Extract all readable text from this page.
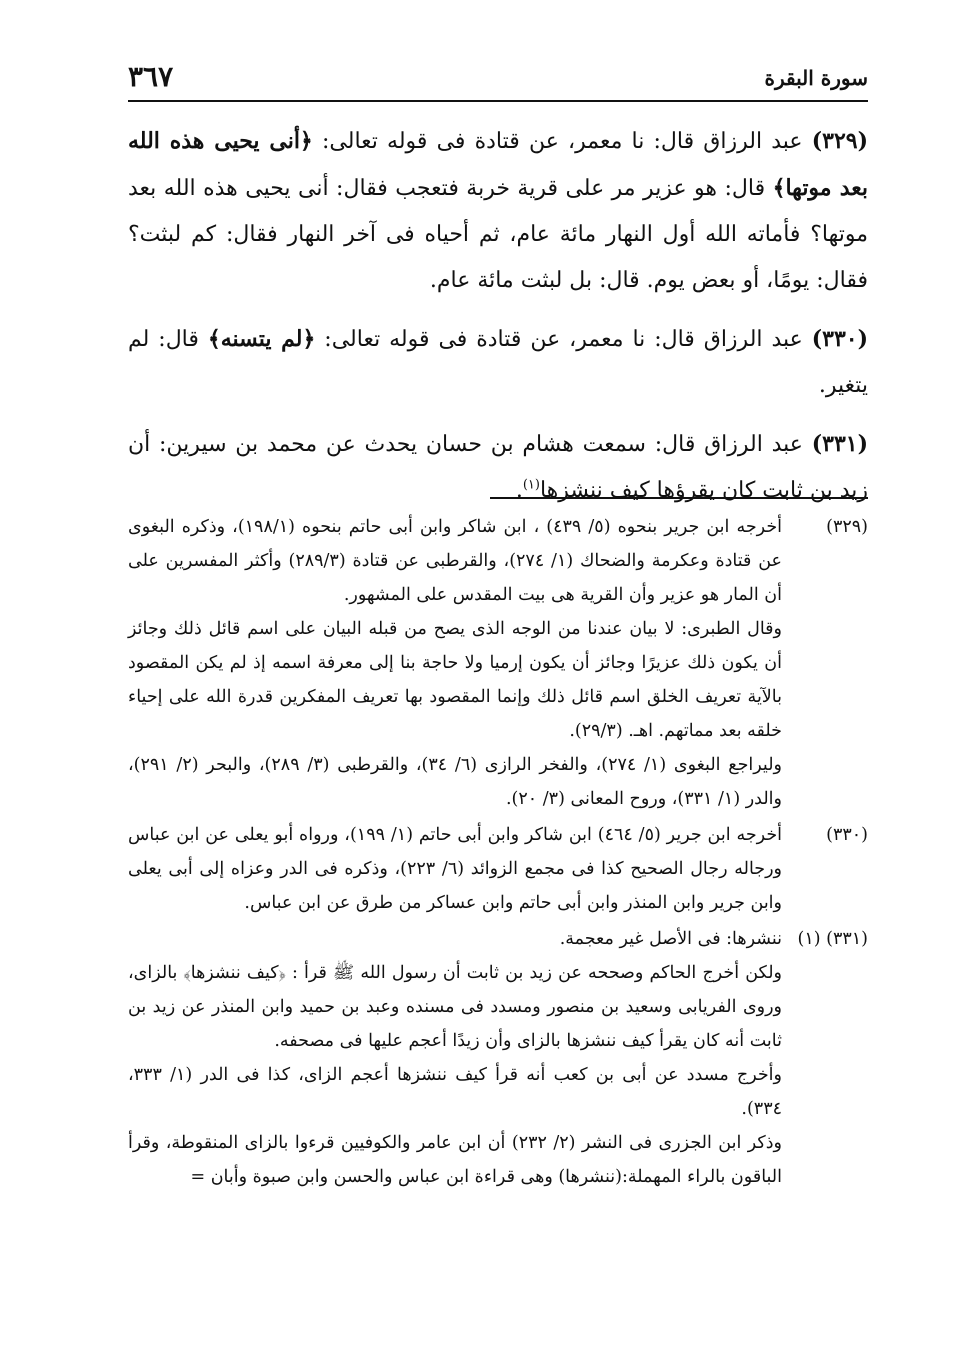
٣٦٧	سورة البقرة

(٣٢٩) عبد الرزاق قال: نا معمر، عن قتادة فى قوله تعالى: ﴿أنى يحيى هذه الله بعد موتها﴾ قال: هو عزير مر على قرية خربة فتعجب فقال: أنى يحيى هذه الله بعد موتها؟ فأماته الله أول النهار مائة عام، ثم أحياه فى آخر النهار فقال: كم لبثت؟ فقال: يومًا، أو بعض يوم. قال: بل لبثت مائة عام.

(٣٣٠) عبد الرزاق قال: نا معمر، عن قتادة فى قوله تعالى: ﴿لم يتسنه﴾ قال: لم يتغير.

(٣٣١) عبد الرزاق قال: سمعت هشام بن حسان يحدث عن محمد بن سيرين: أن زيد بن ثابت كان يقرؤها كيف ننشزها$^{(١)}$.

(٣٢٩)

أخرجه ابن جرير بنحوه (٥/ ٤٣٩) ، ابن شاكر وابن أبى حاتم بنحوه (١٩٨/١)، وذكره البغوى عن قتادة وعكرمة والضحاك (١/ ٢٧٤)، والقرطبى عن قتادة (٢٨٩/٣) وأكثر المفسرين على أن المار هو عزير وأن القرية هى بيت المقدس على المشهور.

وقال الطبرى: لا بيان عندنا من الوجه الذى يصح من قبله البيان على اسم قائل ذلك وجائز أن يكون ذلك عزيرًا وجائز أن يكون إرميا ولا حاجة بنا إلى معرفة اسمه إذ لم يكن المقصود بالآية تعريف الخلق اسم قائل ذلك وإنما المقصود بها تعريف المفكرين قدرة الله على إحياء خلقه بعد مماتهم. اهـ. (٢٩/٣).

وليراجع البغوى (١/ ٢٧٤)، والفخر الرازى (٦/ ٣٤)، والقرطبى (٣/ ٢٨٩)، والبحر (٢/ ٢٩١)، والدر (١/ ٣٣١)، وروح المعانى (٣/ ٢٠).

(٣٣٠)

أخرجه ابن جرير (٥/ ٤٦٤) ابن شاكر وابن أبى حاتم (١/ ١٩٩)، ورواه أبو يعلى عن ابن عباس ورجاله رجال الصحيح كذا فى مجمع الزوائد (٦/ ٢٢٣)، وذكره فى الدر وعزاه إلى أبى يعلى وابن جرير وابن المنذر وابن أبى حاتم وابن عساكر من طرق عن ابن عباس.

(٣٣١) (١)

ننشرها: فى الأصل غير معجمة.

ولكن أخرج الحاكم وصححه عن زيد بن ثابت أن رسول الله ﷺ قرأ : ﴿كيف ننشزها﴾ بالزاى، وروى الفريابى وسعيد بن منصور ومسدد فى مسنده وعبد بن حميد وابن المنذر عن زيد بن ثابت أنه كان يقرأ كيف ننشزها بالزاى وأن زيدًا أعجم عليها فى مصحفه.

وأخرج مسدد عن أبى بن كعب أنه قرأ كيف ننشزها أعجم الزاى، كذا فى الدر (١/ ٣٣٣، ٣٣٤).

وذكر ابن الجزرى فى النشر (٢/ ٢٣٢) أن ابن عامر والكوفيين قرءوا بالزاى المنقوطة، وقرأ الباقون بالراء المهملة:(ننشرها) وهى قراءة ابن عباس والحسن وابن صبوة وأبان =
